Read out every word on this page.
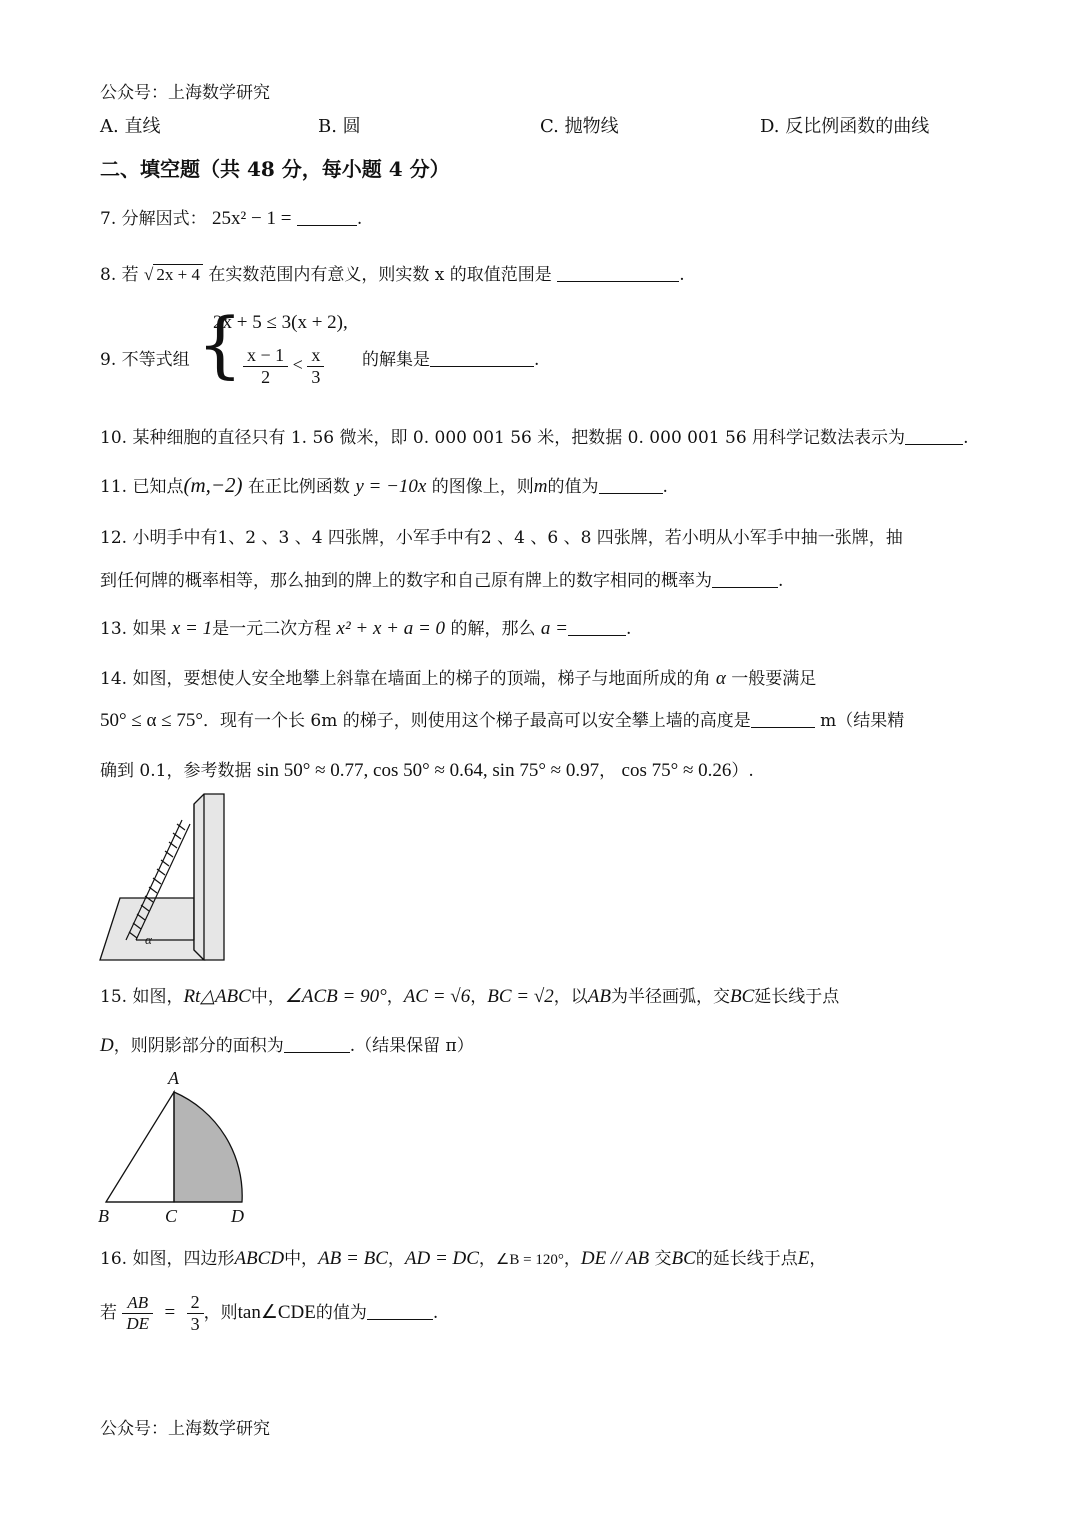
公众号：上海数学研究
A. 直线	B. 圆	C. 抛物线	D. 反比例函数的曲线
二、填空题（共 48 分，每小题 4 分）
7. 分解因式： 25x² − 1 =	.
8. 若 √ 2x + 4 在实数范围内有意义，则实数 x 的取值范围是	.
9. 不等式组 {
2x + 5 ≤ 3(x + 2),
$\frac{x - 1}{2} < \frac{x}{3}$ 的解集是	.
10. 某种细胞的直径只有 1. 56 微米，即 0. 000 001 56 米，把数据 0. 000 001 56 用科学记数法表示为	.
11. 已知点(m,−2) 在正比例函数 y = −10x 的图像上，则m的值为	.
12. 小明手中有1、2 、3 、4 四张牌，小军手中有2 、4 、6 、8 四张牌，若小明从小军手中抽一张牌，抽
到任何牌的概率相等，那么抽到的牌上的数字和自己原有牌上的数字相同的概率为	.
13. 如果 x = 1是一元二次方程 x² + x + a = 0 的解，那么 a =	.
14. 如图，要想使人安全地攀上斜靠在墙面上的梯子的顶端，梯子与地面所成的角 α 一般要满足
50° ≤ α ≤ 75°．现有一个长 6m 的梯子，则使用这个梯子最高可以安全攀上墙的高度是	m（结果精
确到 0.1，参考数据 sin 50° ≈ 0.77, cos 50° ≈ 0.64, sin 75° ≈ 0.97， cos 75° ≈ 0.26）.
α
15. 如图，Rt△ABC中，∠ACB = 90°，AC = √6，BC = √2，以AB为半径画弧，交BC延长线于点
D，则阴影部分的面积为	.（结果保留 π）
A
B	C	D
16. 如图，四边形ABCD中，AB = BC，AD = DC，∠B = 120°，DE // AB 交BC的延长线于点E，
若 $\frac{AB}{DE} = \frac{2}{3}$ ，则tan∠CDE的值为	.
公众号：上海数学研究
